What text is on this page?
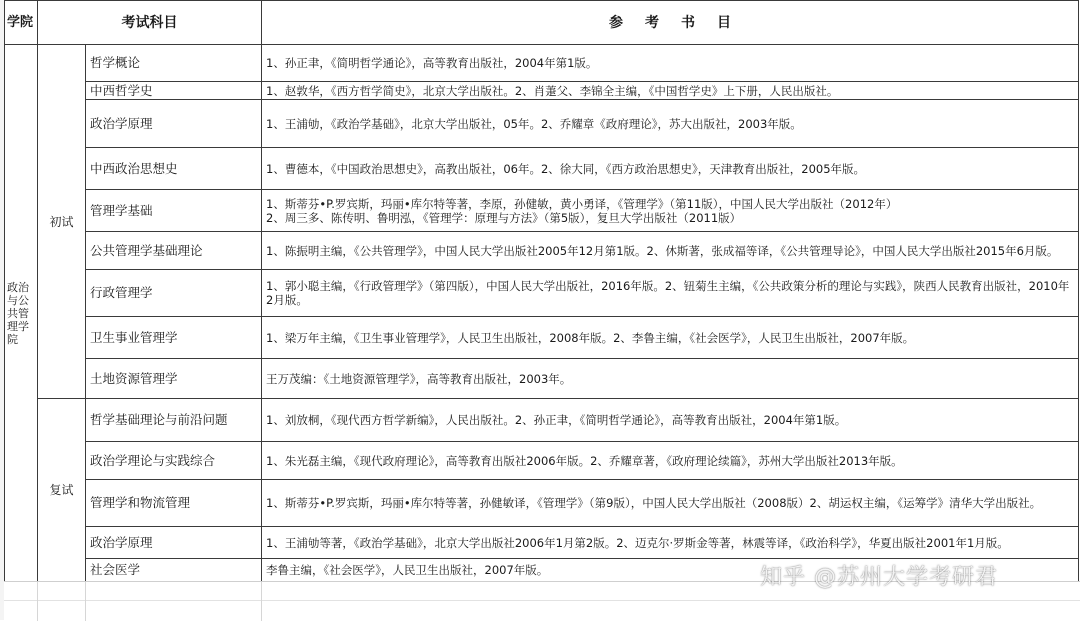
学院	考试科目		参考书目
政治与公共管理学院	初试	哲学概论	1、孙正聿，《简明哲学通论》，高等教育出版社，2004年第1版。
		中西哲学史	1、赵敦华，《西方哲学简史》，北京大学出版社。2、肖萐父、李锦全主编，《中国哲学史》上下册，人民出版社。
		政治学原理	1、王浦劬，《政治学基础》，北京大学出版社，05年。2、乔耀章《政府理论》，苏大出版社，2003年版。
		中西政治思想史	1、曹德本，《中国政治思想史》，高教出版社，06年。2、徐大同，《西方政治思想史》，天津教育出版社，2005年版。
		管理学基础	1、斯蒂芬•P.罗宾斯，玛丽•库尔特等著，李原，孙健敏，黄小勇译，《管理学》（第11版），中国人民大学出版社（2012年）
2、周三多、陈传明、鲁明泓，《管理学：原理与方法》（第5版），复旦大学出版社（2011版）

		公共管理学基础理论	1、陈振明主编，《公共管理学》，中国人民大学出版社2005年12月第1版。2、休斯著，张成福等译，《公共管理导论》，中国人民大学出版社2015年6月版。
		行政管理学	1、郭小聪主编，《行政管理学》（第四版），中国人民大学出版社，2016年版。2、钮菊生主编，《公共政策分析的理论与实践》，陕西人民教育出版社，2010年2月版。
		卫生事业管理学	1、梁万年主编，《卫生事业管理学》，人民卫生出版社，2008年版。2、李鲁主编，《社会医学》，人民卫生出版社，2007年版。
		土地资源管理学	王万茂编：《土地资源管理学》，高等教育出版社，2003年。
	复试	哲学基础理论与前沿问题	1、刘放桐，《现代西方哲学新编》，人民出版社。2、孙正聿，《简明哲学通论》，高等教育出版社，2004年第1版。
		政治学理论与实践综合	1、朱光磊主编，《现代政府理论》，高等教育出版社2006年版。2、乔耀章著，《政府理论续篇》，苏州大学出版社2013年版。
		管理学和物流管理	1、斯蒂芬•P.罗宾斯，玛丽•库尔特等著，孙健敏译，《管理学》（第9版），中国人民大学出版社（2008版）2、胡运权主编，《运筹学》清华大学出版社。
		政治学原理	1、王浦劬等著，《政治学基础》，北京大学出版社2006年1月第2版。2、迈克尔·罗斯金等著，林震等译，《政治科学》，华夏出版社2001年1月版。
		社会医学	李鲁主编，《社会医学》，人民卫生出版社，2007年版。	知乎 @苏州大学考研君
